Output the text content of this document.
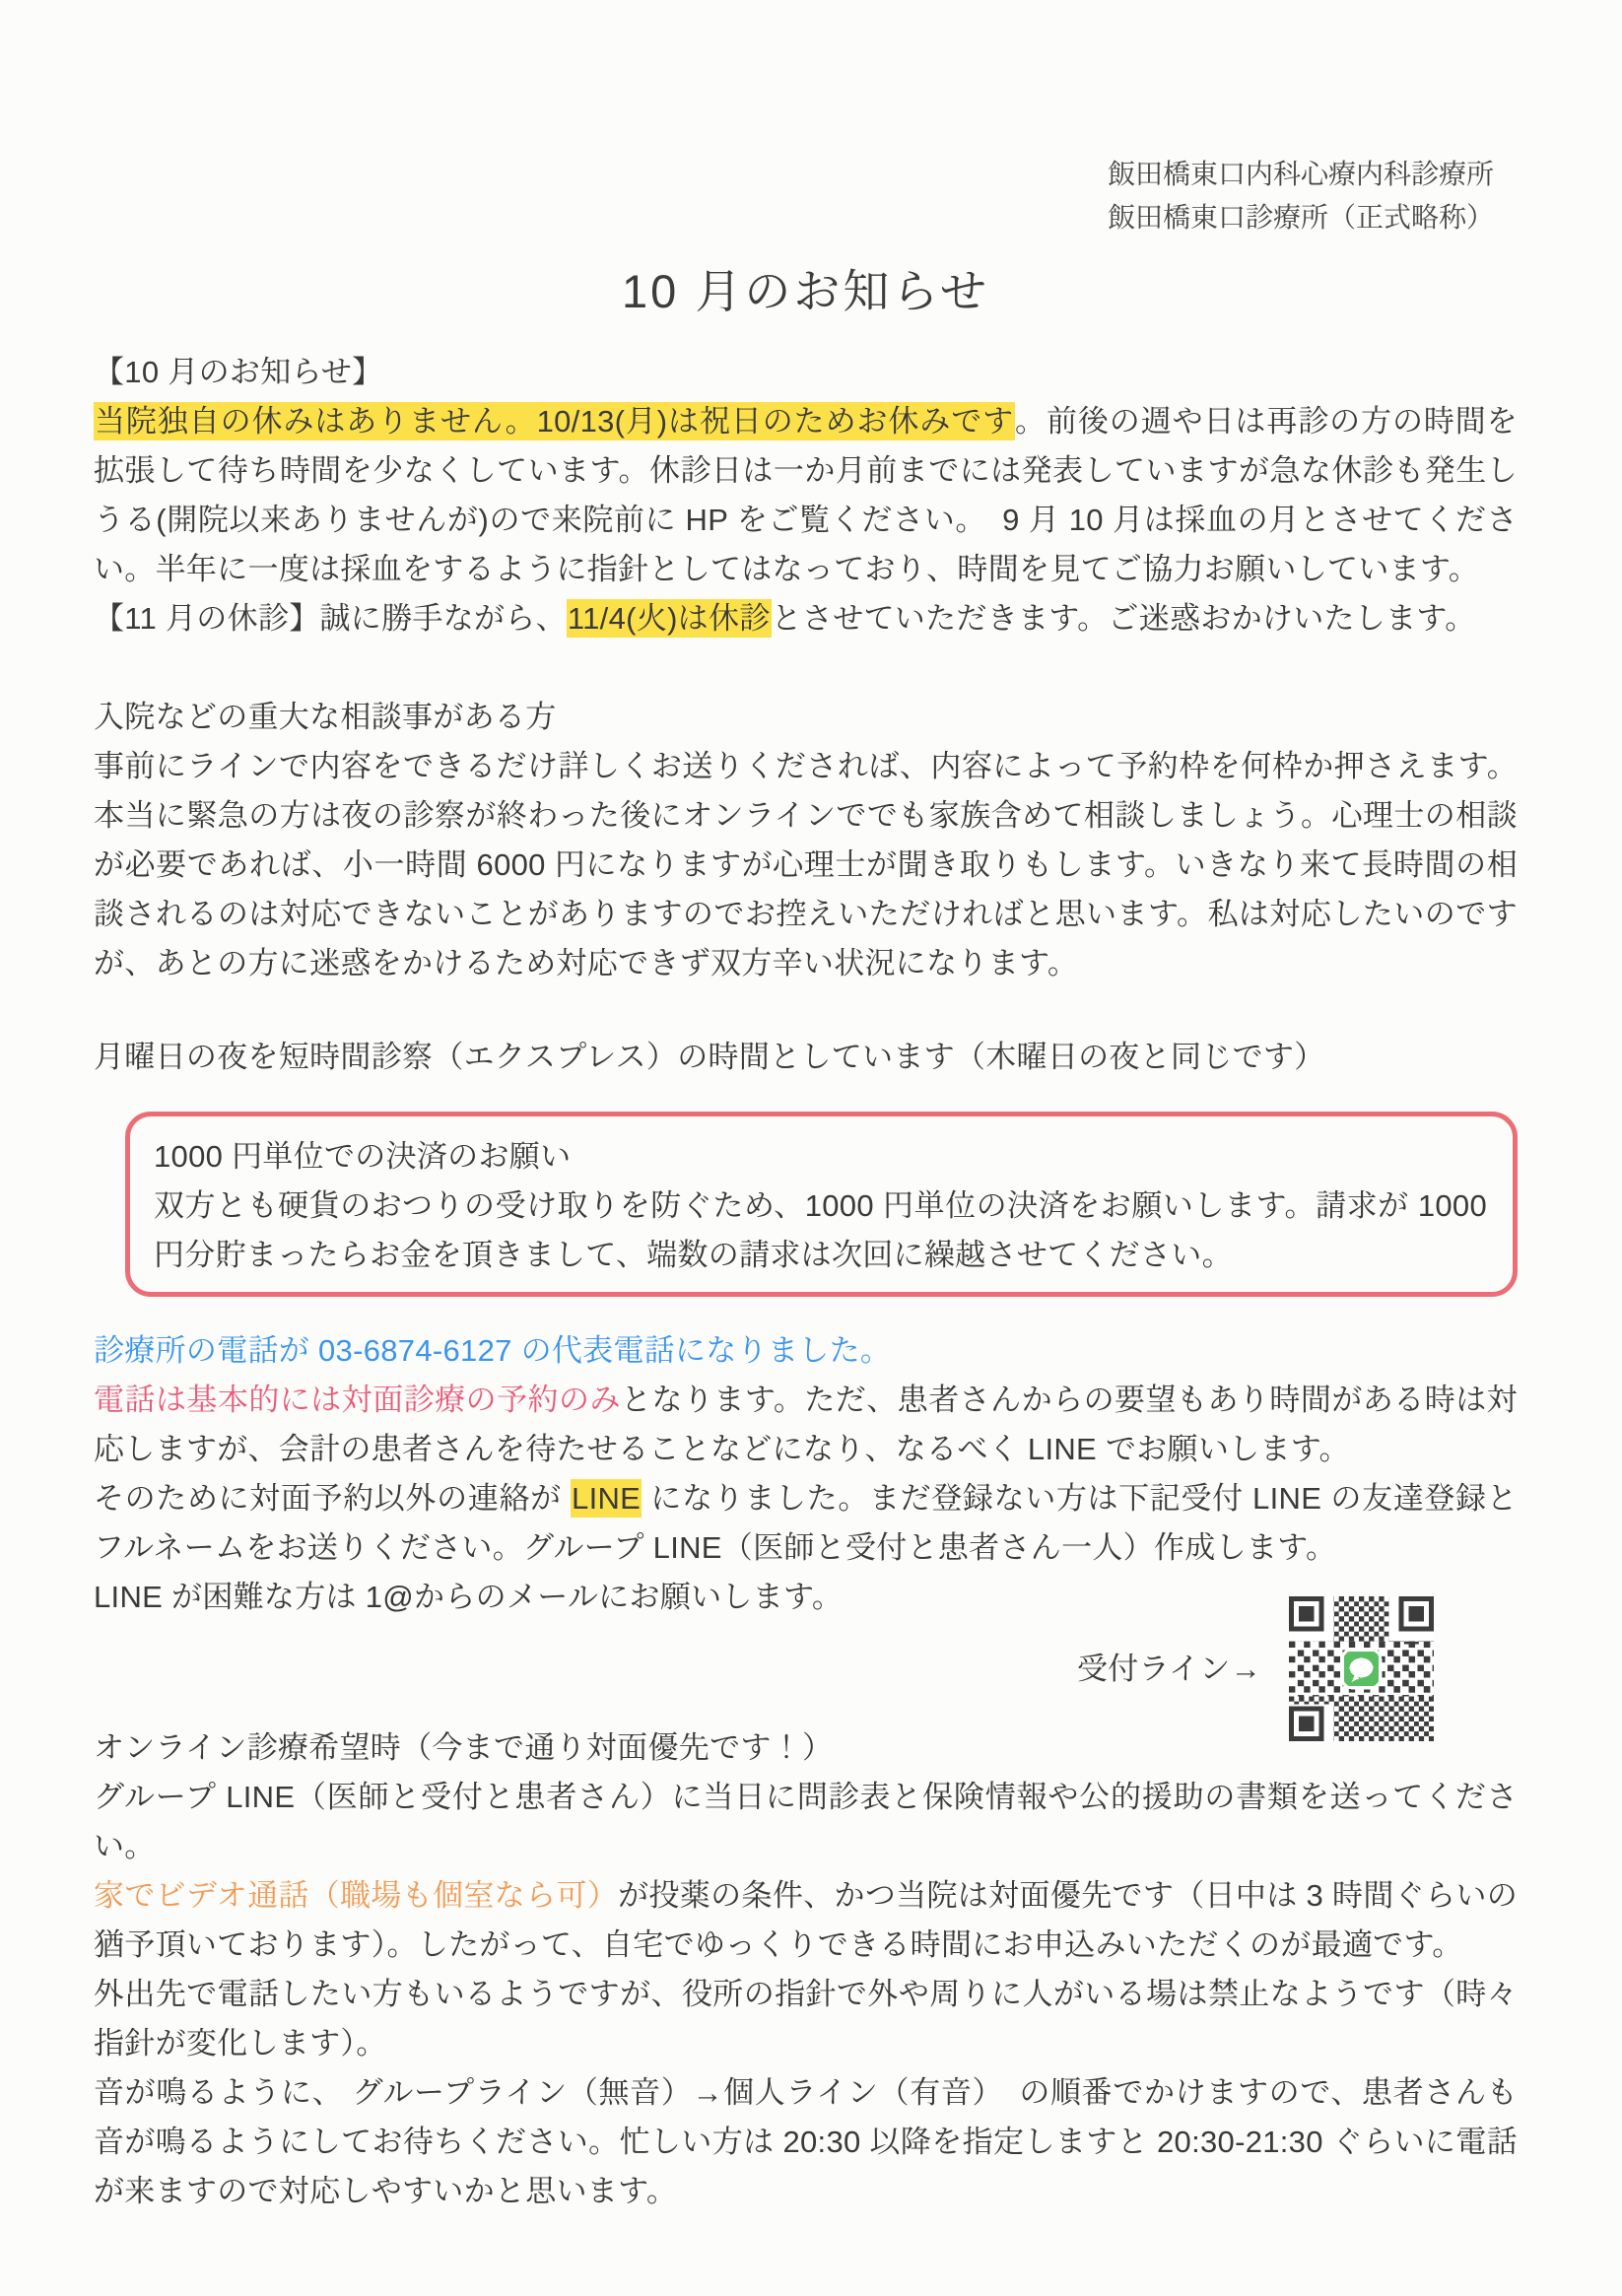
飯田橋東口内科心療内科診療所

飯田橋東口診療所（正式略称）

10 月のお知らせ

【10 月のお知らせ】

当院独自の休みはありません。10/13(月)は祝日のためお休みです。前後の週や日は再診の方の時間を拡張して待ち時間を少なくしています。休診日は一か月前までには発表していますが急な休診も発生しうる(開院以来ありませんが)ので来院前に HP をご覧ください。　9 月 10 月は採血の月とさせてください。半年に一度は採血をするように指針としてはなっており、時間を見てご協力お願いしています。

【11 月の休診】誠に勝手ながら、11/4(火)は休診とさせていただきます。ご迷惑おかけいたします。

入院などの重大な相談事がある方

事前にラインで内容をできるだけ詳しくお送りくだされば、内容によって予約枠を何枠か押さえます。本当に緊急の方は夜の診察が終わった後にオンラインででも家族含めて相談しましょう。心理士の相談が必要であれば、小一時間 6000 円になりますが心理士が聞き取りもします。いきなり来て長時間の相談されるのは対応できないことがありますのでお控えいただければと思います。私は対応したいのですが、あとの方に迷惑をかけるため対応できず双方辛い状況になります。

月曜日の夜を短時間診察（エクスプレス）の時間としています（木曜日の夜と同じです）

1000 円単位での決済のお願い

双方とも硬貨のおつりの受け取りを防ぐため、1000 円単位の決済をお願いします。請求が 1000 円分貯まったらお金を頂きまして、端数の請求は次回に繰越させてください。

診療所の電話が 03-6874-6127 の代表電話になりました。

電話は基本的には対面診療の予約のみとなります。ただ、患者さんからの要望もあり時間がある時は対応しますが、会計の患者さんを待たせることなどになり、なるべく LINE でお願いします。

そのために対面予約以外の連絡が LINE になりました。まだ登録ない方は下記受付 LINE の友達登録とフルネームをお送りください。グループ LINE（医師と受付と患者さん一人）作成します。

LINE が困難な方は 1@からのメールにお願いします。

受付ライン→

オンライン診療希望時（今まで通り対面優先です！）

グループ LINE（医師と受付と患者さん）に当日に問診表と保険情報や公的援助の書類を送ってください。

家でビデオ通話（職場も個室なら可）が投薬の条件、かつ当院は対面優先です（日中は 3 時間ぐらいの猶予頂いております）。したがって、自宅でゆっくりできる時間にお申込みいただくのが最適です。

外出先で電話したい方もいるようですが、役所の指針で外や周りに人がいる場は禁止なようです（時々指針が変化します）。

音が鳴るように、 グループライン（無音）→個人ライン（有音）　の順番でかけますので、患者さんも音が鳴るようにしてお待ちください。忙しい方は 20:30 以降を指定しますと 20:30-21:30 ぐらいに電話が来ますので対応しやすいかと思います。
